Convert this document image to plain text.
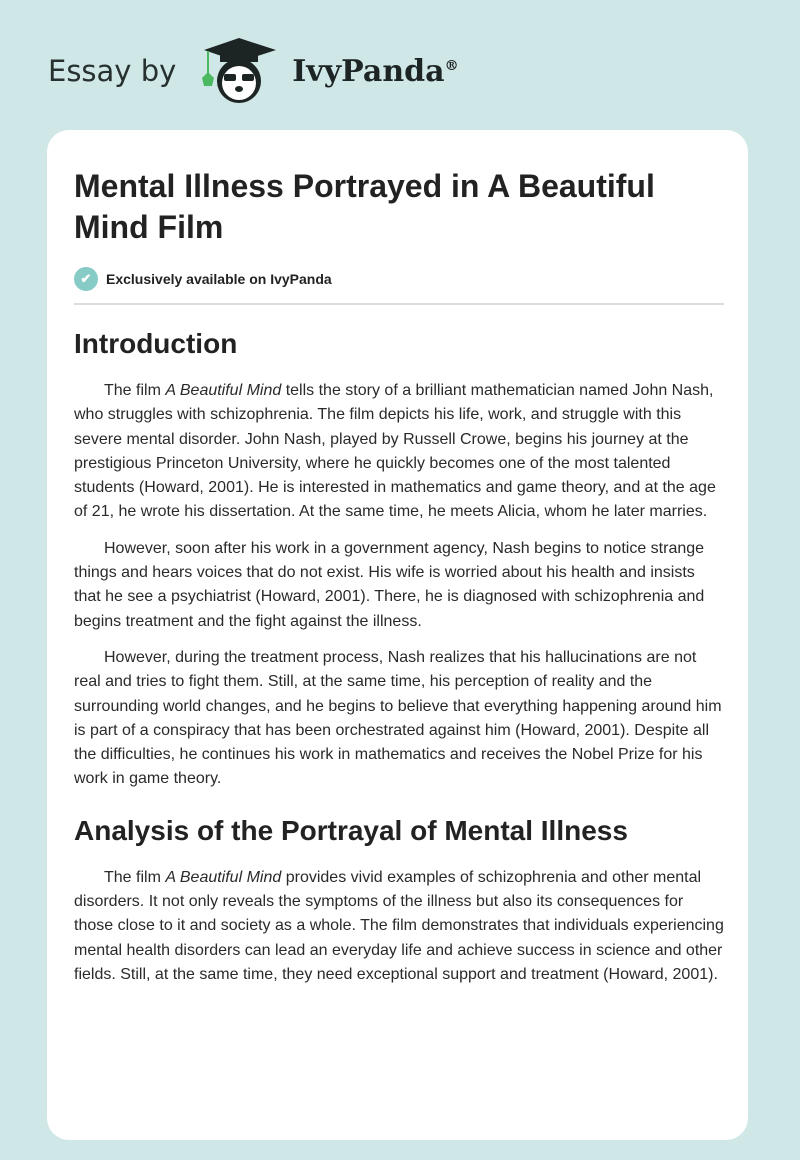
Essay by	IvyPanda®
Mental Illness Portrayed in A Beautiful Mind Film
✔	Exclusively available on IvyPanda
Introduction

The film A Beautiful Mind tells the story of a brilliant mathematician named John Nash, who struggles with schizophrenia. The film depicts his life, work, and struggle with this severe mental disorder. John Nash, played by Russell Crowe, begins his journey at the prestigious Princeton University, where he quickly becomes one of the most talented students (Howard, 2001). He is interested in mathematics and game theory, and at the age of 21, he wrote his dissertation. At the same time, he meets Alicia, whom he later marries.

However, soon after his work in a government agency, Nash begins to notice strange things and hears voices that do not exist. His wife is worried about his health and insists that he see a psychiatrist (Howard, 2001). There, he is diagnosed with schizophrenia and begins treatment and the fight against the illness.

However, during the treatment process, Nash realizes that his hallucinations are not real and tries to fight them. Still, at the same time, his perception of reality and the surrounding world changes, and he begins to believe that everything happening around him is part of a conspiracy that has been orchestrated against him (Howard, 2001). Despite all the difficulties, he continues his work in mathematics and receives the Nobel Prize for his work in game theory.

Analysis of the Portrayal of Mental Illness

The film A Beautiful Mind provides vivid examples of schizophrenia and other mental disorders. It not only reveals the symptoms of the illness but also its consequences for those close to it and society as a whole. The film demonstrates that individuals experiencing mental health disorders can lead an everyday life and achieve success in science and other fields. Still, at the same time, they need exceptional support and treatment (Howard, 2001).
